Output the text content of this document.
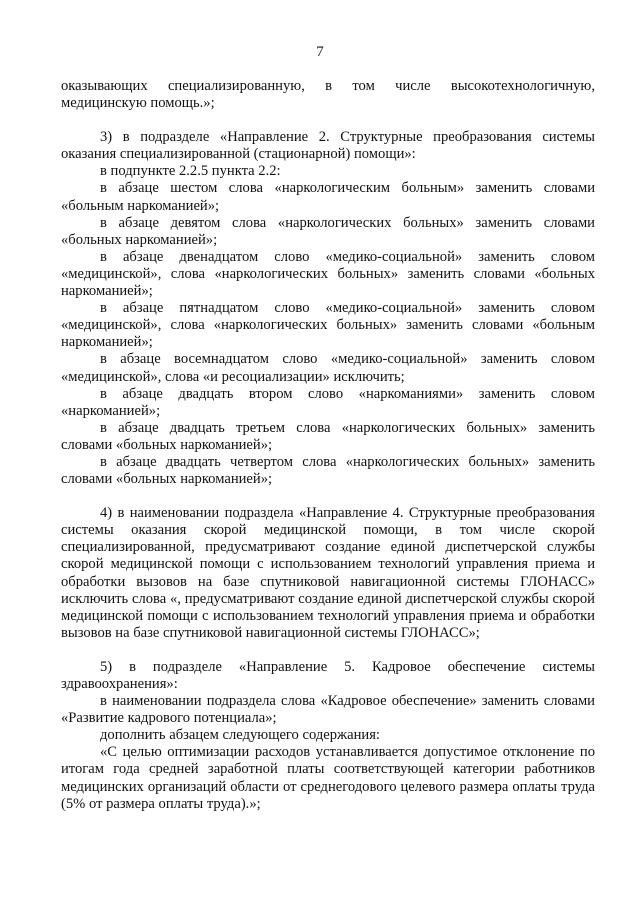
7

оказывающих специализированную, в том числе высокотехнологичную, медицинскую помощь.»;

3) в подразделе «Направление 2. Структурные преобразования системы оказания специализированной (стационарной) помощи»:

в подпункте 2.2.5 пункта 2.2:

в абзаце шестом слова «наркологическим больным» заменить словами «больным наркоманией»;

в абзаце девятом слова «наркологических больных» заменить словами «больных наркоманией»;

в абзаце двенадцатом слово «медико-социальной» заменить словом «медицинской», слова «наркологических больных» заменить словами «больных наркоманией»;

в абзаце пятнадцатом слово «медико-социальной» заменить словом «медицинской», слова «наркологических больных» заменить словами «больным наркоманией»;

в абзаце восемнадцатом слово «медико-социальной» заменить словом «медицинской», слова «и ресоциализации» исключить;

в абзаце двадцать втором слово «наркоманиями» заменить словом «наркоманией»;

в абзаце двадцать третьем слова «наркологических больных» заменить словами «больных наркоманией»;

в абзаце двадцать четвертом слова «наркологических больных» заменить словами «больных наркоманией»;

4) в наименовании подраздела «Направление 4. Структурные преобразования системы оказания скорой медицинской помощи, в том числе скорой специализированной, предусматривают создание единой диспетчерской службы скорой медицинской помощи с использованием технологий управления приема и обработки вызовов на базе спутниковой навигационной системы ГЛОНАСС» исключить слова «, предусматривают создание единой диспетчерской службы скорой медицинской помощи с использованием технологий управления приема и обработки вызовов на базе спутниковой навигационной системы ГЛОНАСС»;

5) в подразделе «Направление 5. Кадровое обеспечение системы здравоохранения»:

в наименовании подраздела слова «Кадровое обеспечение» заменить словами «Развитие кадрового потенциала»;

дополнить абзацем следующего содержания:

«С целью оптимизации расходов устанавливается допустимое отклонение по итогам года средней заработной платы соответствующей категории работников медицинских организаций области от среднегодового целевого размера оплаты труда (5% от размера оплаты труда).»;
